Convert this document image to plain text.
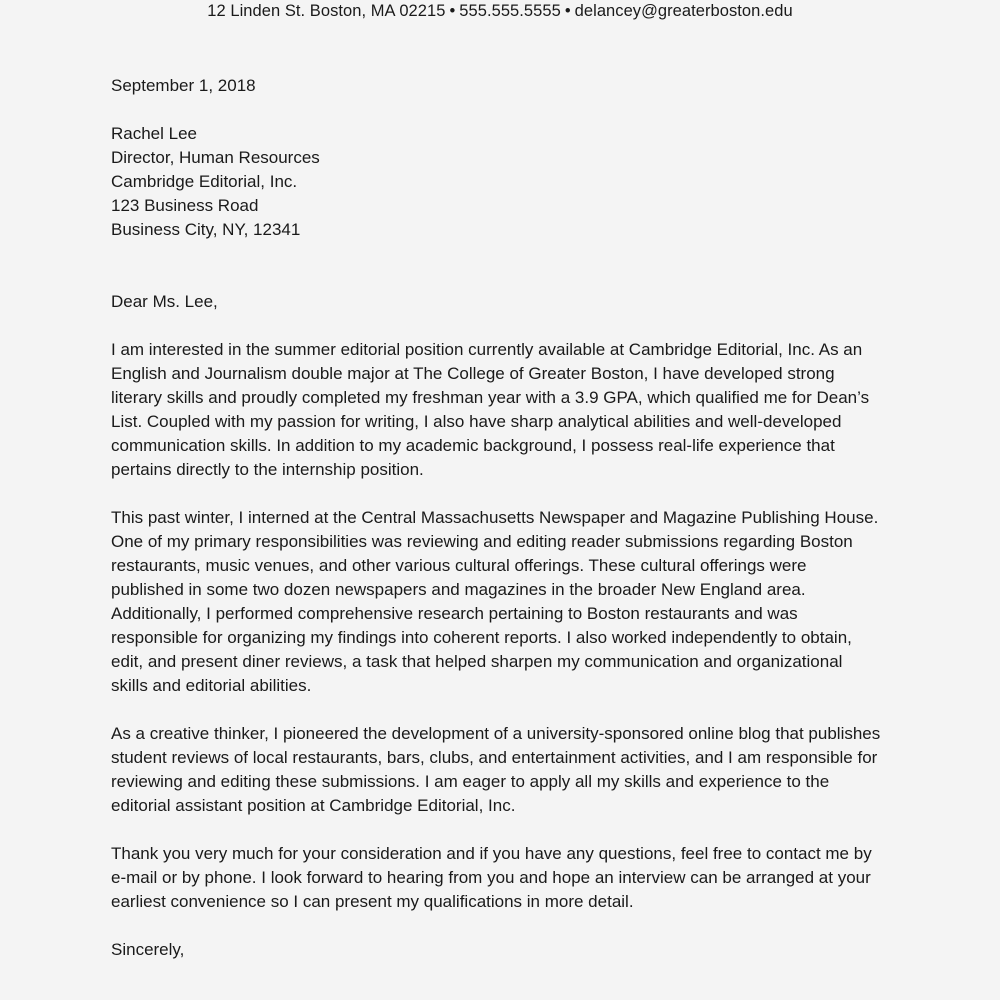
12 Linden St. Boston, MA 02215 • 555.555.5555 • delancey@greaterboston.edu

September 1, 2018

Rachel Lee

Director, Human Resources

Cambridge Editorial, Inc.

123 Business Road

Business City, NY, 12341

Dear Ms. Lee,

I am interested in the summer editorial position currently available at Cambridge Editorial, Inc. As an English and Journalism double major at The College of Greater Boston, I have developed strong literary skills and proudly completed my freshman year with a 3.9 GPA, which qualified me for Dean’s List. Coupled with my passion for writing, I also have sharp analytical abilities and well-developed communication skills. In addition to my academic background, I possess real-life experience that pertains directly to the internship position.

This past winter, I interned at the Central Massachusetts Newspaper and Magazine Publishing House. One of my primary responsibilities was reviewing and editing reader submissions regarding Boston restaurants, music venues, and other various cultural offerings. These cultural offerings were published in some two dozen newspapers and magazines in the broader New England area. Additionally, I performed comprehensive research pertaining to Boston restaurants and was responsible for organizing my findings into coherent reports. I also worked independently to obtain, edit, and present diner reviews, a task that helped sharpen my communication and organizational skills and editorial abilities.

As a creative thinker, I pioneered the development of a university-sponsored online blog that publishes student reviews of local restaurants, bars, clubs, and entertainment activities, and I am responsible for reviewing and editing these submissions. I am eager to apply all my skills and experience to the editorial assistant position at Cambridge Editorial, Inc.

Thank you very much for your consideration and if you have any questions, feel free to contact me by e-mail or by phone. I look forward to hearing from you and hope an interview can be arranged at your earliest convenience so I can present my qualifications in more detail.

Sincerely,
